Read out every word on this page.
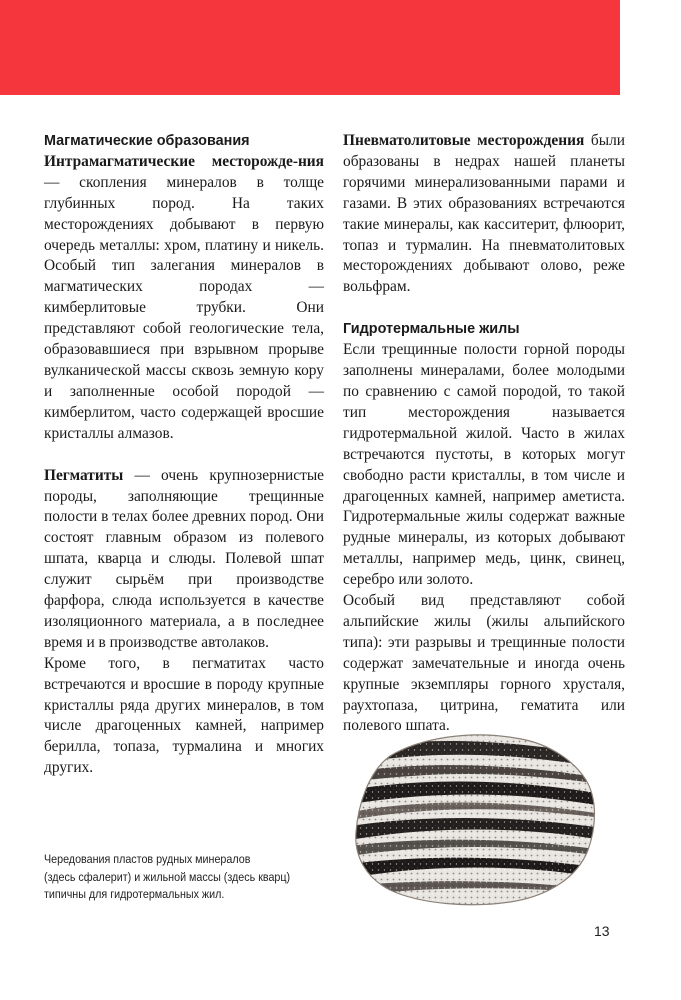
Магматические образования

Интрамагматические месторожде-ния — скопления минералов в толще глубинных пород. На таких месторождениях добывают в первую очередь металлы: хром, платину и никель. Особый тип залегания минералов в магматических породах — кимберлитовые трубки. Они представляют собой геологические тела, образовавшиеся при взрывном прорыве вулканической массы сквозь земную кору и заполненные особой породой — кимберлитом, часто содержащей вросшие кристаллы алмазов.

Пегматиты — очень крупнозернистые породы, заполняющие трещинные полости в телах более древних пород. Они состоят главным образом из полевого шпата, кварца и слюды. Полевой шпат служит сырьём при производстве фарфора, слюда используется в качестве изоляционного материала, а в последнее время и в производстве автолаков.

Кроме того, в пегматитах часто встречаются и вросшие в породу крупные кристаллы ряда других минералов, в том числе драгоценных камней, например берилла, топаза, турмалина и многих других.

Пневматолитовые месторождения были образованы в недрах нашей планеты горячими минерализованными парами и газами. В этих образованиях встречаются такие минералы, как касситерит, флюорит, топаз и турмалин. На пневматолитовых месторождениях добывают олово, реже вольфрам.

Гидротермальные жилы

Если трещинные полости горной породы заполнены минералами, более молодыми по сравнению с самой породой, то такой тип месторождения называется гидротермальной жилой. Часто в жилах встречаются пустоты, в которых могут свободно расти кристаллы, в том числе и драгоценных камней, например аметиста. Гидротермальные жилы содержат важные рудные минералы, из которых добывают металлы, например медь, цинк, свинец, серебро или золото.

Особый вид представляют собой альпийские жилы (жилы альпийского типа): эти разрывы и трещинные полости содержат замечательные и иногда очень крупные экземпляры горного хрусталя, раухтопаза, цитрина, гематита или полевого шпата.

Чередования пластов рудных минералов
(здесь сфалерит) и жильной массы (здесь кварц)
типичны для гидротермальных жил.
13
